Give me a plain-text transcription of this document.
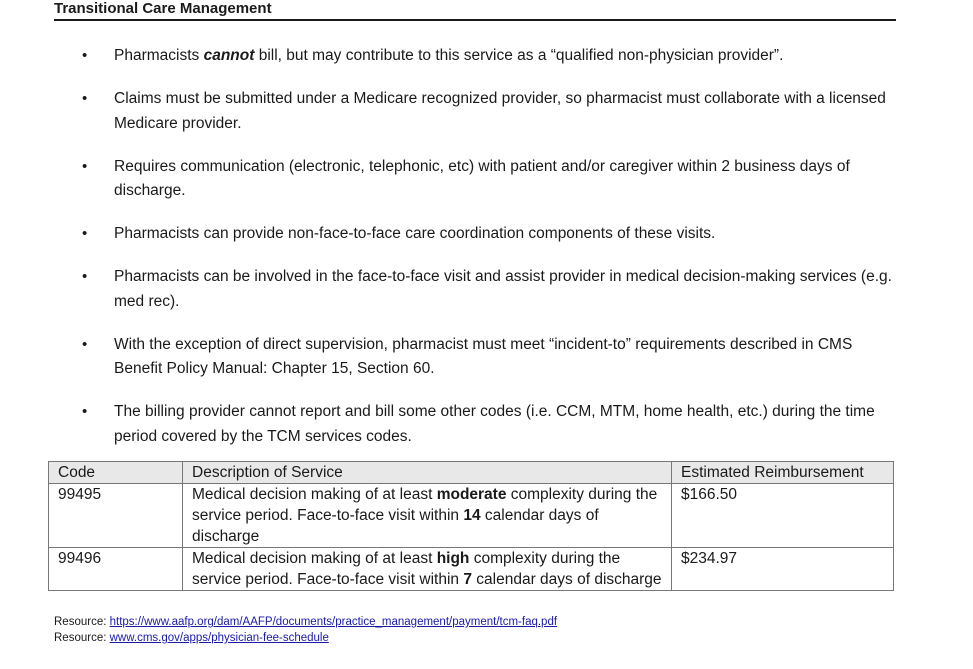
Transitional Care Management
•	Pharmacists cannot bill, but may contribute to this service as a “qualified non-physician provider”.
•	Claims must be submitted under a Medicare recognized provider, so pharmacist must collaborate with a licensed Medicare provider.
•	Requires communication (electronic, telephonic, etc) with patient and/or caregiver within 2 business days of discharge.
•	Pharmacists can provide non-face-to-face care coordination components of these visits.
•	Pharmacists can be involved in the face-to-face visit and assist provider in medical decision-making services (e.g. med rec).
•	With the exception of direct supervision, pharmacist must meet “incident-to” requirements described in CMS Benefit Policy Manual: Chapter 15, Section 60.
•	The billing provider cannot report and bill some other codes (i.e. CCM, MTM, home health, etc.) during the time period covered by the TCM services codes.
Code	Description of Service	Estimated Reimbursement
99495	Medical decision making of at least moderate complexity during the service period. Face-to-face visit within 14 calendar days of discharge	$166.50
99496	Medical decision making of at least high complexity during the service period. Face-to-face visit within 7 calendar days of discharge	$234.97
Resource: https://www.aafp.org/dam/AAFP/documents/practice_management/payment/tcm-faq.pdf
Resource: www.cms.gov/apps/physician-fee-schedule
